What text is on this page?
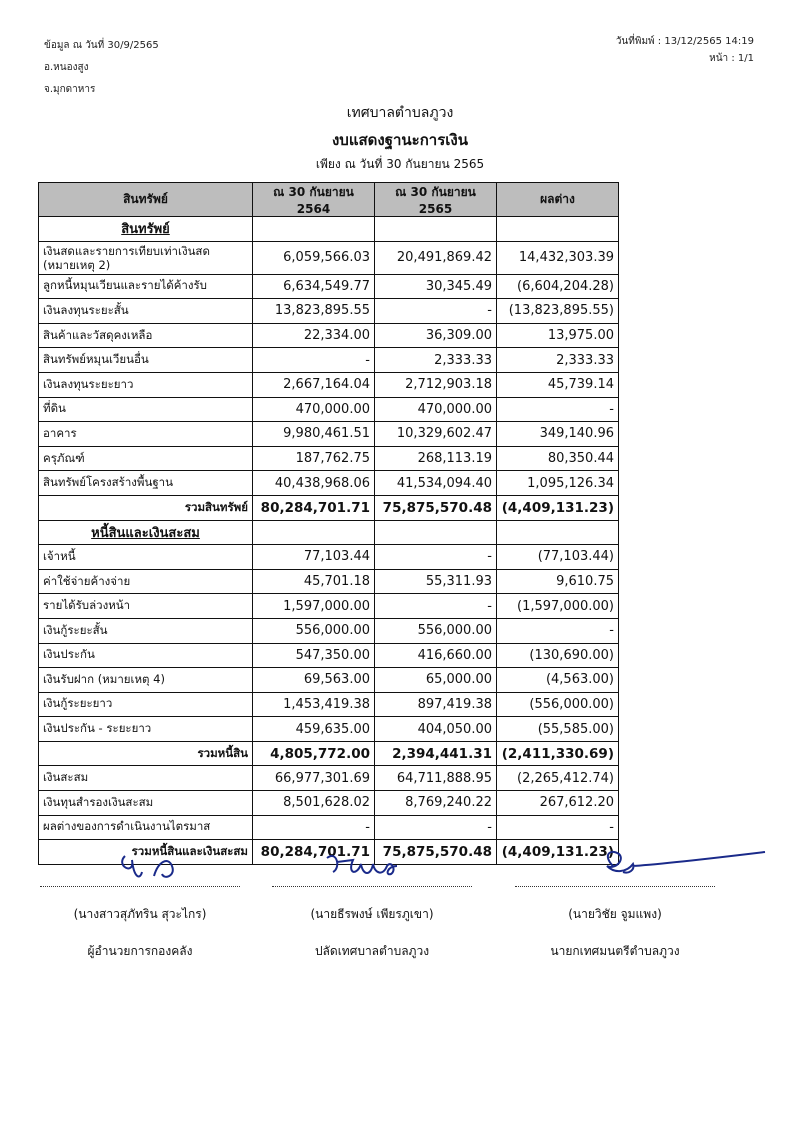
ข้อมูล ณ วันที่ 30/9/2565
อ.หนองสูง
จ.มุกดาหาร
วันที่พิมพ์ : 13/12/2565 14:19
หน้า : 1/1
เทศบาลตำบลภูวง
งบแสดงฐานะการเงิน
เพียง ณ วันที่ 30 กันยายน 2565
สินทรัพย์	ณ 30 กันยายน 2564	ณ 30 กันยายน 2565	ผลต่าง
สินทรัพย์			
เงินสดและรายการเทียบเท่าเงินสด (หมายเหตุ 2)	6,059,566.03	20,491,869.42	14,432,303.39
ลูกหนี้หมุนเวียนและรายได้ค้างรับ	6,634,549.77	30,345.49	(6,604,204.28)
เงินลงทุนระยะสั้น	13,823,895.55	-	(13,823,895.55)
สินค้าและวัสดุคงเหลือ	22,334.00	36,309.00	13,975.00
สินทรัพย์หมุนเวียนอื่น	-	2,333.33	2,333.33
เงินลงทุนระยะยาว	2,667,164.04	2,712,903.18	45,739.14
ที่ดิน	470,000.00	470,000.00	-
อาคาร	9,980,461.51	10,329,602.47	349,140.96
ครุภัณฑ์	187,762.75	268,113.19	80,350.44
สินทรัพย์โครงสร้างพื้นฐาน	40,438,968.06	41,534,094.40	1,095,126.34
รวมสินทรัพย์	80,284,701.71	75,875,570.48	(4,409,131.23)
หนี้สินและเงินสะสม			
เจ้าหนี้	77,103.44	-	(77,103.44)
ค่าใช้จ่ายค้างจ่าย	45,701.18	55,311.93	9,610.75
รายได้รับล่วงหน้า	1,597,000.00	-	(1,597,000.00)
เงินกู้ระยะสั้น	556,000.00	556,000.00	-
เงินประกัน	547,350.00	416,660.00	(130,690.00)
เงินรับฝาก (หมายเหตุ 4)	69,563.00	65,000.00	(4,563.00)
เงินกู้ระยะยาว	1,453,419.38	897,419.38	(556,000.00)
เงินประกัน - ระยะยาว	459,635.00	404,050.00	(55,585.00)
รวมหนี้สิน	4,805,772.00	2,394,441.31	(2,411,330.69)
เงินสะสม	66,977,301.69	64,711,888.95	(2,265,412.74)
เงินทุนสำรองเงินสะสม	8,501,628.02	8,769,240.22	267,612.20
ผลต่างของการดำเนินงานไตรมาส	-	-	-
รวมหนี้สินและเงินสะสม	80,284,701.71	75,875,570.48	(4,409,131.23)
(นางสาวสุภัทริน สุวะไกร)
ผู้อำนวยการกองคลัง
(นายธีรพงษ์ เพียรภูเขา)
ปลัดเทศบาลตำบลภูวง
(นายวิชัย จูมแพง)
นายกเทศมนตรีตำบลภูวง
